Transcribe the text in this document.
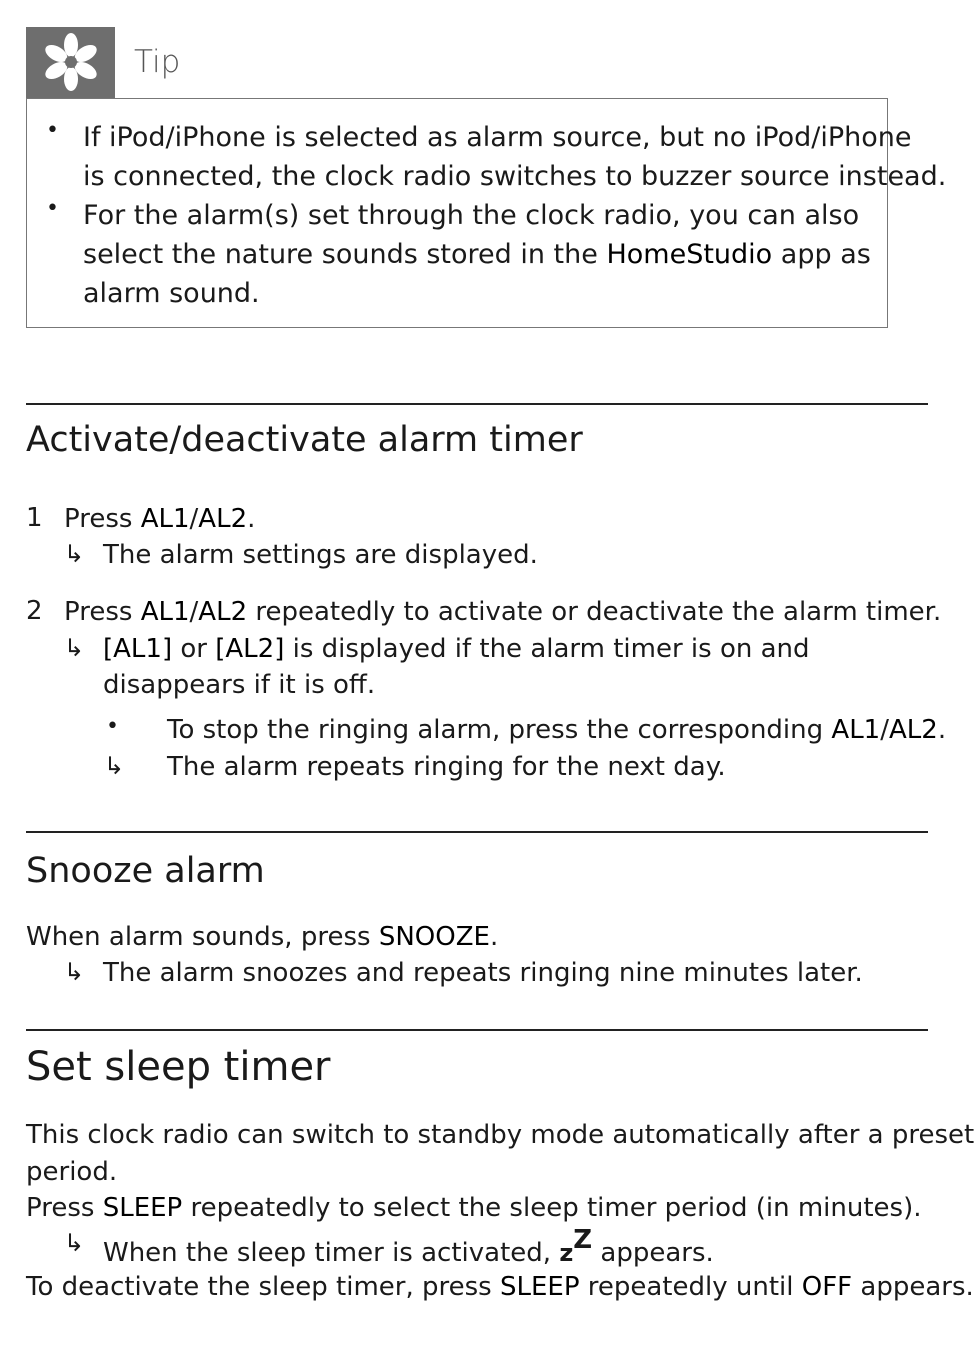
Tip
• If iPod/iPhone is selected as alarm source, but no iPod/iPhone
is connected, the clock radio switches to buzzer source instead.
• For the alarm(s) set through the clock radio, you can also
select the nature sounds stored in the HomeStudio app as
alarm sound.
Activate/deactivate alarm timer
1 Press AL1/AL2.
↳ The alarm settings are displayed.
2 Press AL1/AL2 repeatedly to activate or deactivate the alarm timer.
↳ [AL1] or [AL2] is displayed if the alarm timer is on and
disappears if it is off.
• To stop the ringing alarm, press the corresponding AL1/AL2.
↳ The alarm repeats ringing for the next day.
Snooze alarm
When alarm sounds, press SNOOZE.
↳ The alarm snoozes and repeats ringing nine minutes later.
Set sleep timer
This clock radio can switch to standby mode automatically after a preset
period.
Press SLEEP repeatedly to select the sleep timer period (in minutes).
↳ When the sleep timer is activated, $z^Z$ appears.
To deactivate the sleep timer, press SLEEP repeatedly until OFF appears.
